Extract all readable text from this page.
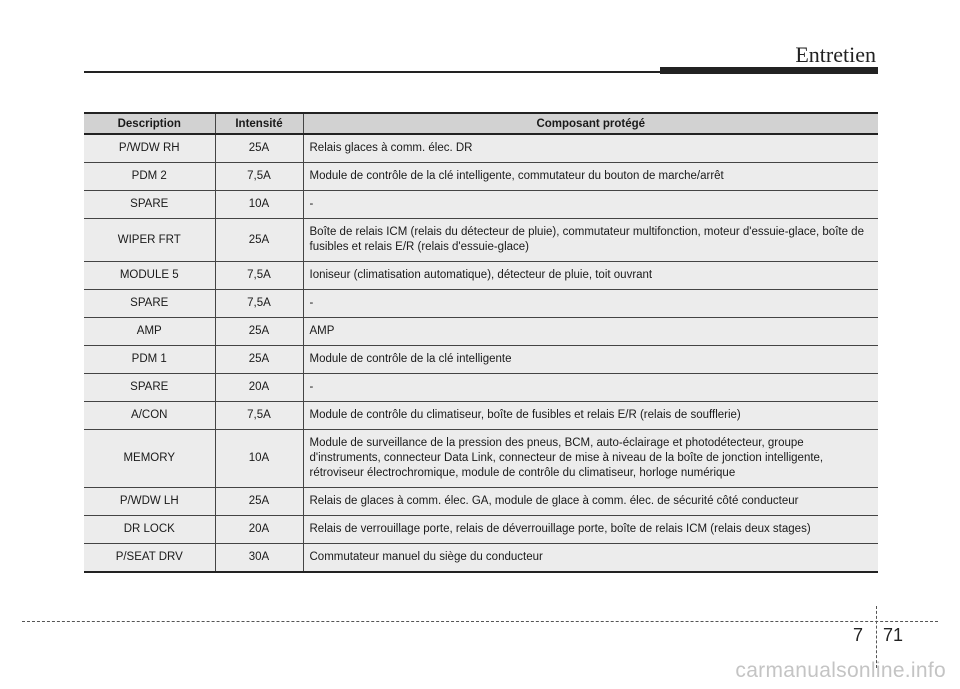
Entretien
Description	Intensité	Composant protégé
P/WDW RH	25A	Relais glaces à comm. élec. DR
PDM 2	7,5A	Module de contrôle de la clé intelligente, commutateur du bouton de marche/arrêt
SPARE	10A	-
WIPER FRT	25A	Boîte de relais ICM (relais du détecteur de pluie), commutateur multifonction, moteur d'essuie-glace, boîte de fusibles et relais E/R (relais d'essuie-glace)
MODULE 5	7,5A	Ioniseur (climatisation automatique), détecteur de pluie, toit ouvrant
SPARE	7,5A	-
AMP	25A	AMP
PDM 1	25A	Module de contrôle de la clé intelligente
SPARE	20A	-
A/CON	7,5A	Module de contrôle du climatiseur, boîte de fusibles et relais E/R (relais de soufflerie)
MEMORY	10A	Module de surveillance de la pression des pneus, BCM, auto-éclairage et photodétecteur, groupe d'instruments, connecteur Data Link, connecteur de mise à niveau de la boîte de jonction intelligente, rétroviseur électrochromique, module de contrôle du climatiseur, horloge numérique
P/WDW LH	25A	Relais de glaces à comm. élec. GA, module de glace à comm. élec. de sécurité côté conducteur
DR LOCK	20A	Relais de verrouillage porte, relais de déverrouillage porte, boîte de relais ICM (relais deux stages)
P/SEAT DRV	30A	Commutateur manuel du siège du conducteur
7 71
carmanualsonline.info
